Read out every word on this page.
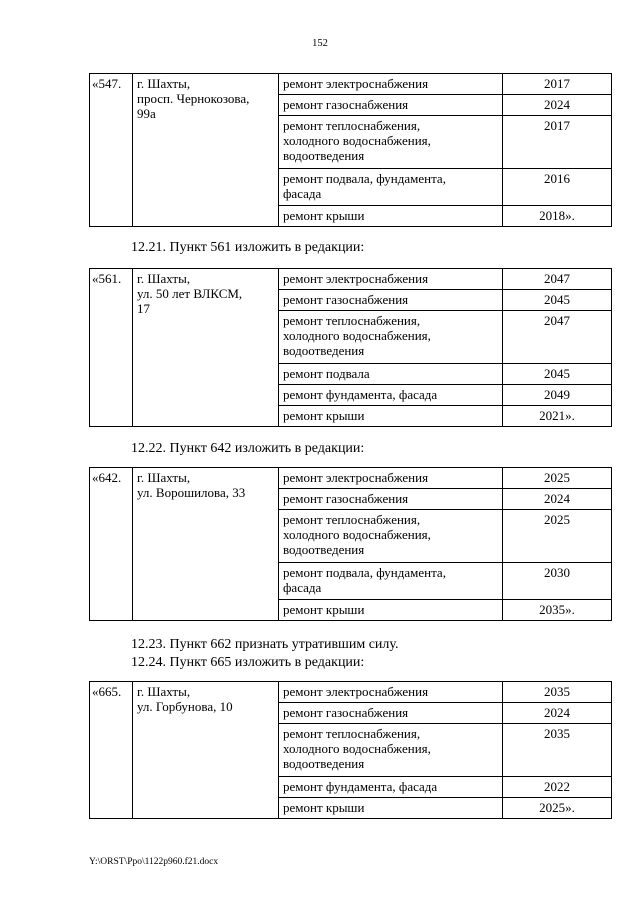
152
12.21. Пункт 561 изложить в редакции:
12.22. Пункт 642 изложить в редакции:
12.23. Пункт 662 признать утратившим силу.
12.24. Пункт 665 изложить в редакции:
Y:\ORST\Ppo\1122p960.f21.docx
«547.	г. Шахты,
просп. Чернокозова,
99а	ремонт электроснабжения	2017

		ремонт газоснабжения	2024

		ремонт теплоснабжения,
холодного водоснабжения,
водоотведения	2017

		ремонт подвала, фундамента,
фасада	2016

		ремонт крыши	2018».
«561.	г. Шахты,
ул. 50 лет ВЛКСМ,
17	ремонт электроснабжения	2047

		ремонт газоснабжения	2045

		ремонт теплоснабжения,
холодного водоснабжения,
водоотведения	2047

		ремонт подвала	2045

		ремонт фундамента, фасада	2049

		ремонт крыши	2021».
«642.	г. Шахты,
ул. Ворошилова, 33	ремонт электроснабжения	2025

		ремонт газоснабжения	2024

		ремонт теплоснабжения,
холодного водоснабжения,
водоотведения	2025

		ремонт подвала, фундамента,
фасада	2030

		ремонт крыши	2035».
«665.	г. Шахты,
ул. Горбунова, 10	ремонт электроснабжения	2035

		ремонт газоснабжения	2024

		ремонт теплоснабжения,
холодного водоснабжения,
водоотведения	2035

		ремонт фундамента, фасада	2022

		ремонт крыши	2025».
